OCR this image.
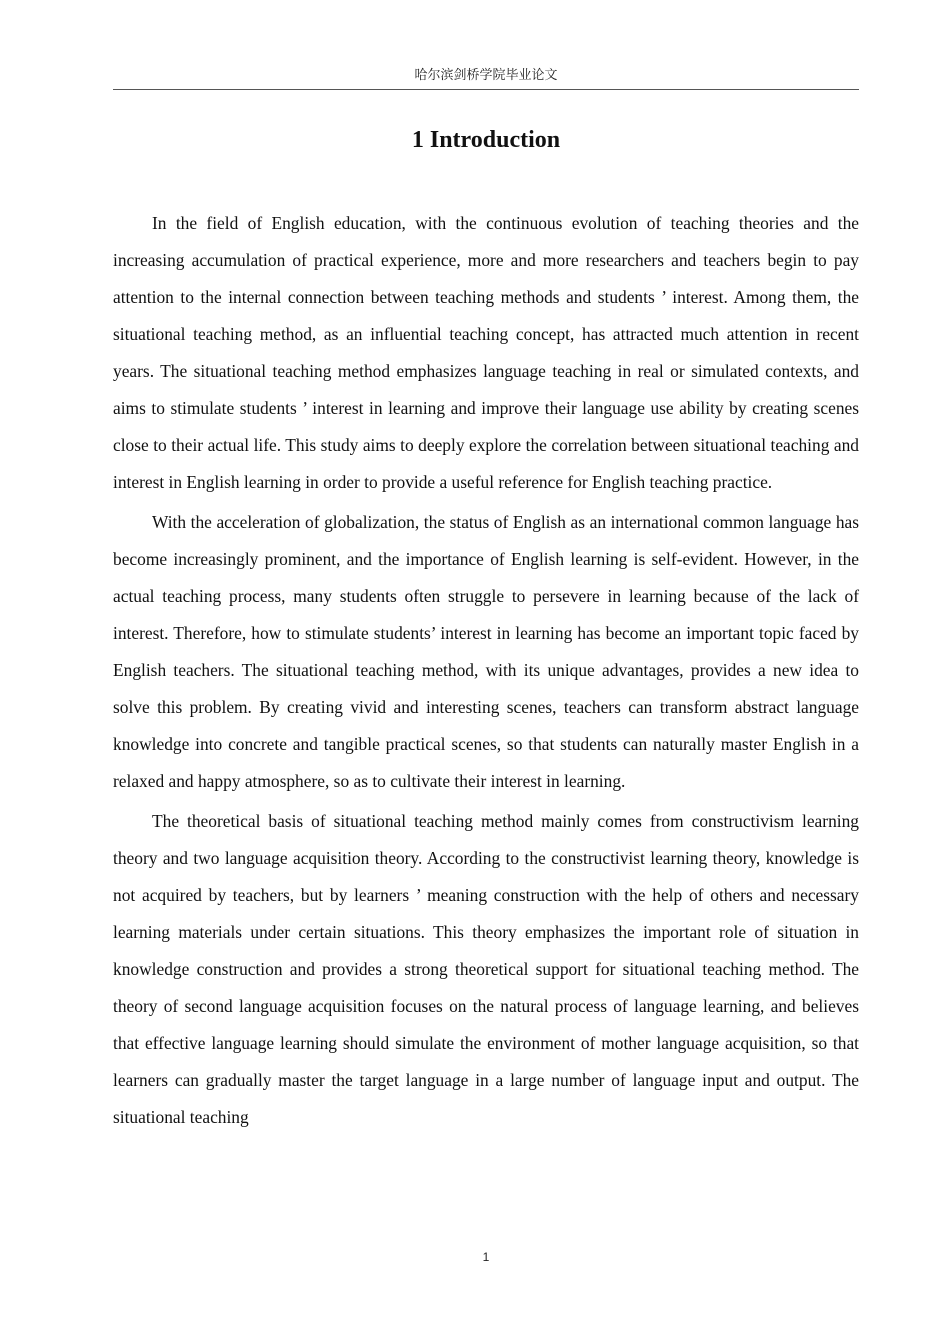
哈尔滨剑桥学院毕业论文
1 Introduction

In the field of English education, with the continuous evolution of teaching theories and the increasing accumulation of practical experience, more and more researchers and teachers begin to pay attention to the internal connection between teaching methods and students ’ interest. Among them, the situational teaching method, as an influential teaching concept, has attracted much attention in recent years. The situational teaching method emphasizes language teaching in real or simulated contexts, and aims to stimulate students ’ interest in learning and improve their language use ability by creating scenes close to their actual life. This study aims to deeply explore the correlation between situational teaching and interest in English learning in order to provide a useful reference for English teaching practice.

With the acceleration of globalization, the status of English as an international common language has become increasingly prominent, and the importance of English learning is self-evident. However, in the actual teaching process, many students often struggle to persevere in learning because of the lack of interest. Therefore, how to stimulate students’ interest in learning has become an important topic faced by English teachers. The situational teaching method, with its unique advantages, provides a new idea to solve this problem. By creating vivid and interesting scenes, teachers can transform abstract language knowledge into concrete and tangible practical scenes, so that students can naturally master English in a relaxed and happy atmosphere, so as to cultivate their interest in learning.

The theoretical basis of situational teaching method mainly comes from constructivism learning theory and two language acquisition theory. According to the constructivist learning theory, knowledge is not acquired by teachers, but by learners ’ meaning construction with the help of others and necessary learning materials under certain situations. This theory emphasizes the important role of situation in knowledge construction and provides a strong theoretical support for situational teaching method. The theory of second language acquisition focuses on the natural process of language learning, and believes that effective language learning should simulate the environment of mother language acquisition, so that learners can gradually master the target language in a large number of language input and output. The situational teaching

1
